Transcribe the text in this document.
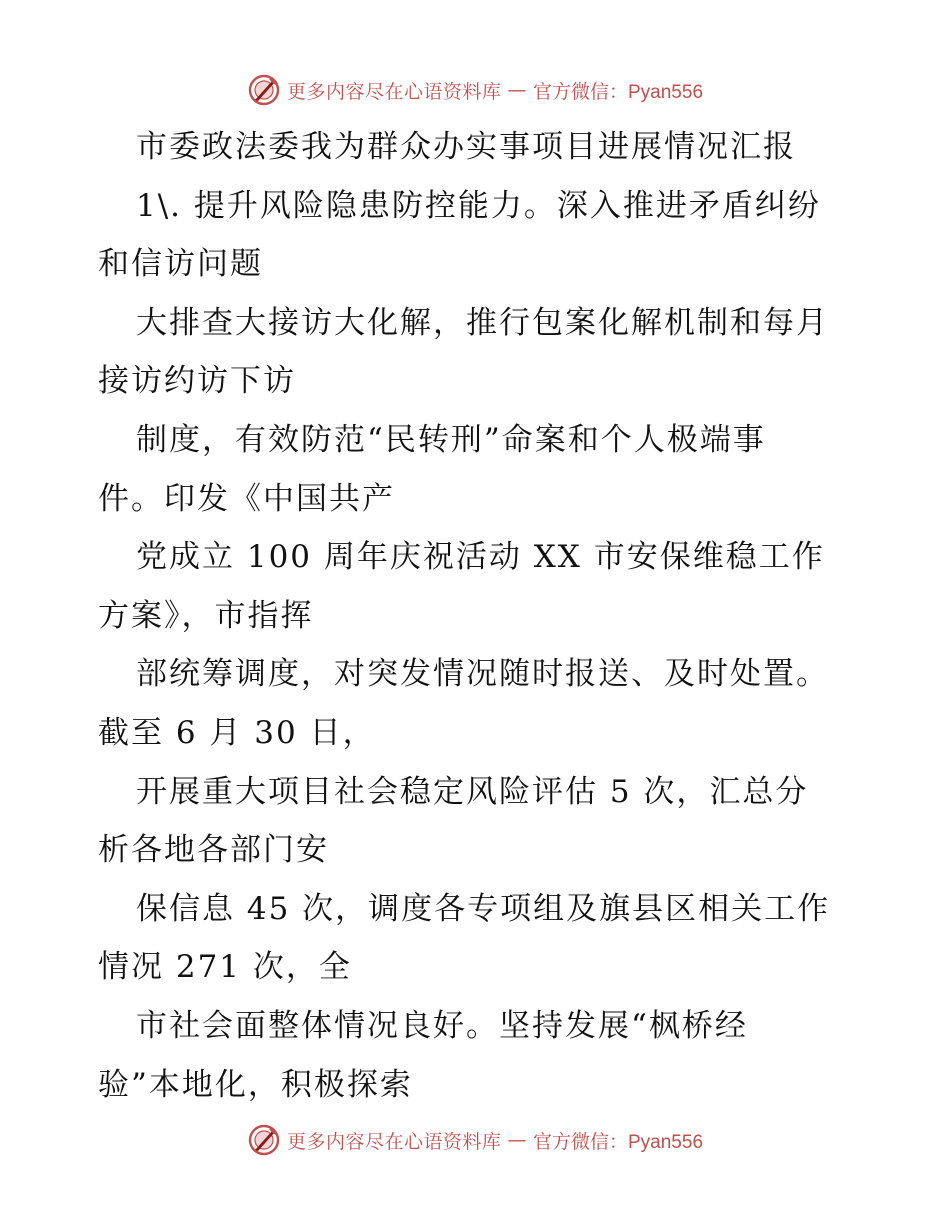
更多内容尽在心语资料库 — 官方微信：Pyan556
市委政法委我为群众办实事项目进展情况汇报
1\. 提升风险隐患防控能力。深入推进矛盾纠纷
和信访问题
大排查大接访大化解，推行包案化解机制和每月
接访约访下访
制度，有效防范“民转刑”命案和个人极端事
件。印发《中国共产
党成立 100 周年庆祝活动 XX 市安保维稳工作
方案》，市指挥
部统筹调度，对突发情况随时报送、及时处置。
截至 6 月 30 日，
开展重大项目社会稳定风险评估 5 次，汇总分
析各地各部门安
保信息 45 次，调度各专项组及旗县区相关工作
情况 271 次，全
市社会面整体情况良好。坚持发展“枫桥经
验”本地化，积极探索
更多内容尽在心语资料库 — 官方微信：Pyan556
